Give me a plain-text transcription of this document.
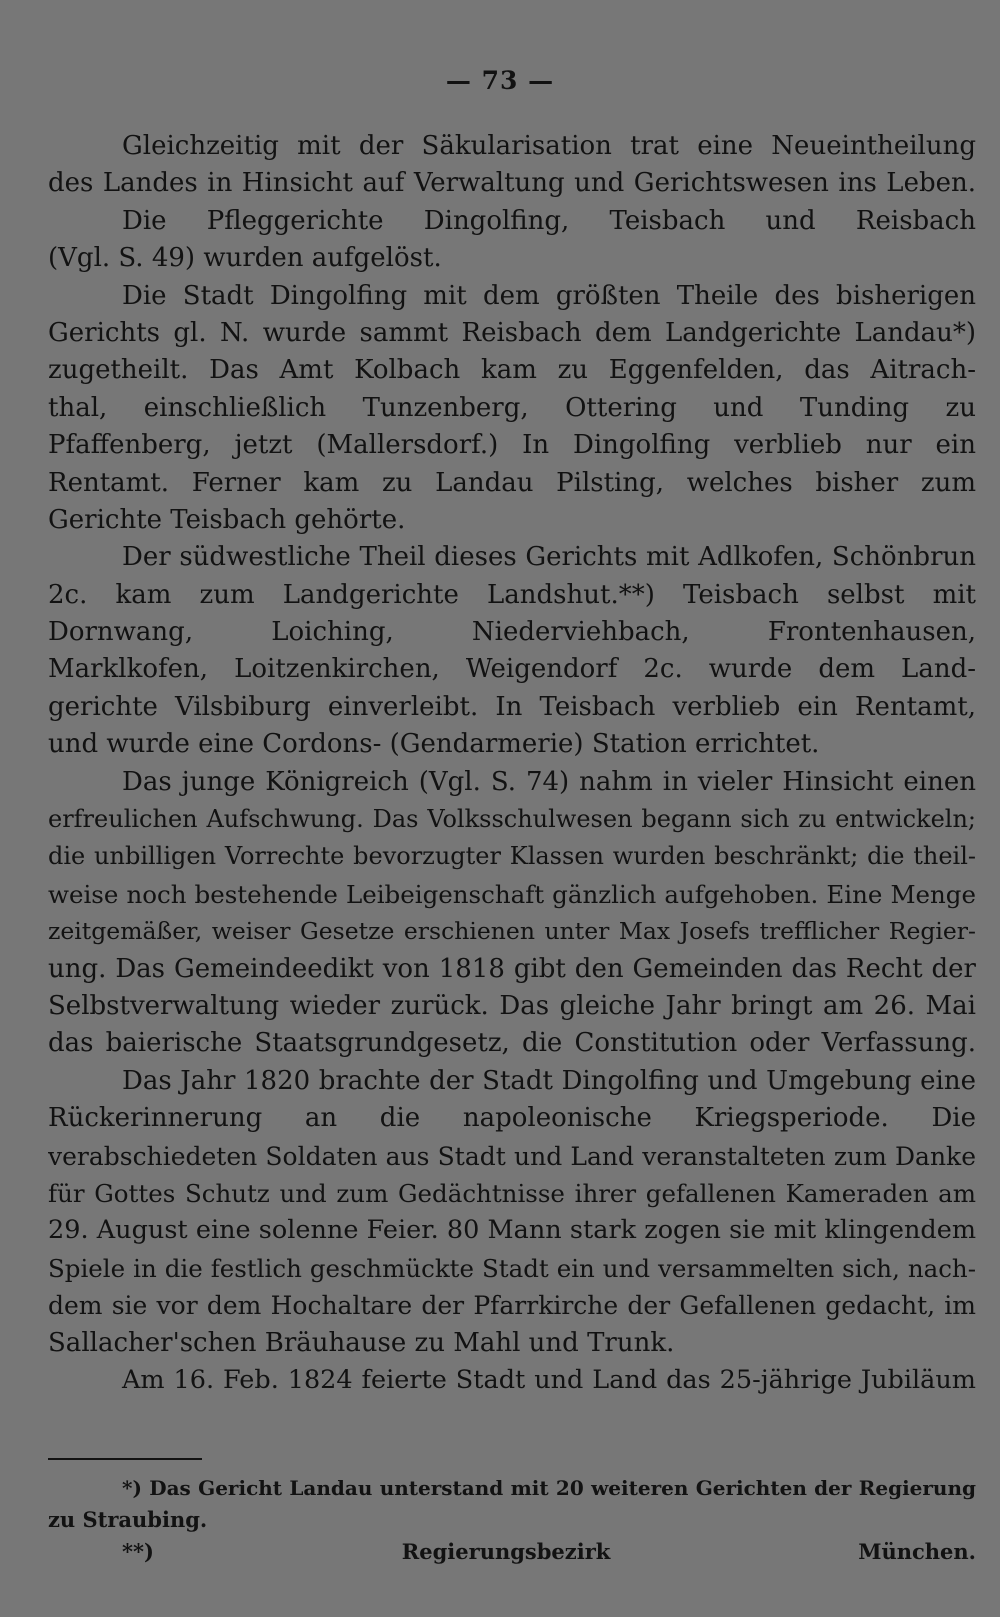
— 73 —
Gleichzeitig mit der Säkularisation trat eine Neueintheilung
des Landes in Hinsicht auf Verwaltung und Gerichtswesen ins Leben.
Die Pfleggerichte Dingolfing, Teisbach und Reisbach
(Vgl. S. 49) wurden aufgelöst.
Die Stadt Dingolfing mit dem größten Theile des bisherigen
Gerichts gl. N. wurde sammt Reisbach dem Landgerichte Landau*)
zugetheilt. Das Amt Kolbach kam zu Eggenfelden, das Aitrach-
thal, einschließlich Tunzenberg, Ottering und Tunding zu
Pfaffenberg, jetzt (Mallersdorf.) In Dingolfing verblieb nur ein
Rentamt. Ferner kam zu Landau Pilsting, welches bisher zum
Gerichte Teisbach gehörte.
Der südwestliche Theil dieses Gerichts mit Adlkofen, Schönbrun
2c. kam zum Landgerichte Landshut.**) Teisbach selbst mit
Dornwang, Loiching, Niederviehbach, Frontenhausen,
Marklkofen, Loitzenkirchen, Weigendorf 2c. wurde dem Land-
gerichte Vilsbiburg einverleibt. In Teisbach verblieb ein Rentamt,
und wurde eine Cordons- (Gendarmerie) Station errichtet.
Das junge Königreich (Vgl. S. 74) nahm in vieler Hinsicht einen
erfreulichen Aufschwung. Das Volksschulwesen begann sich zu entwickeln;
die unbilligen Vorrechte bevorzugter Klassen wurden beschränkt; die theil-
weise noch bestehende Leibeigenschaft gänzlich aufgehoben. Eine Menge
zeitgemäßer, weiser Gesetze erschienen unter Max Josefs trefflicher Regier-
ung. Das Gemeindeedikt von 1818 gibt den Gemeinden das Recht der
Selbstverwaltung wieder zurück. Das gleiche Jahr bringt am 26. Mai
das baierische Staatsgrundgesetz, die Constitution oder Verfassung.
Das Jahr 1820 brachte der Stadt Dingolfing und Umgebung eine
Rückerinnerung an die napoleonische Kriegsperiode. Die
verabschiedeten Soldaten aus Stadt und Land veranstalteten zum Danke
für Gottes Schutz und zum Gedächtnisse ihrer gefallenen Kameraden am
29. August eine solenne Feier. 80 Mann stark zogen sie mit klingendem
Spiele in die festlich geschmückte Stadt ein und versammelten sich, nach-
dem sie vor dem Hochaltare der Pfarrkirche der Gefallenen gedacht, im
Sallacher'schen Bräuhause zu Mahl und Trunk.
Am 16. Feb. 1824 feierte Stadt und Land das 25-jährige Jubiläum
*) Das Gericht Landau unterstand mit 20 weiteren Gerichten der Regierung
zu Straubing.
**) Regierungsbezirk München.
